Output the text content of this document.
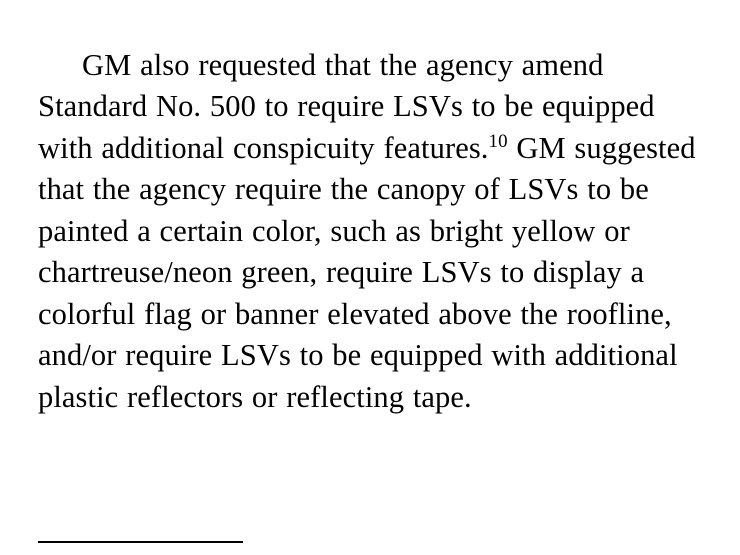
GM also requested that the agency amend Standard No. 500 to require LSVs to be equipped with additional conspicuity features.$^{10}$ GM suggested that the agency require the canopy of LSVs to be painted a certain color, such as bright yellow or chartreuse/neon green, require LSVs to display a colorful flag or banner elevated above the roofline, and/or require LSVs to be equipped with additional plastic reflectors or reflecting tape.
